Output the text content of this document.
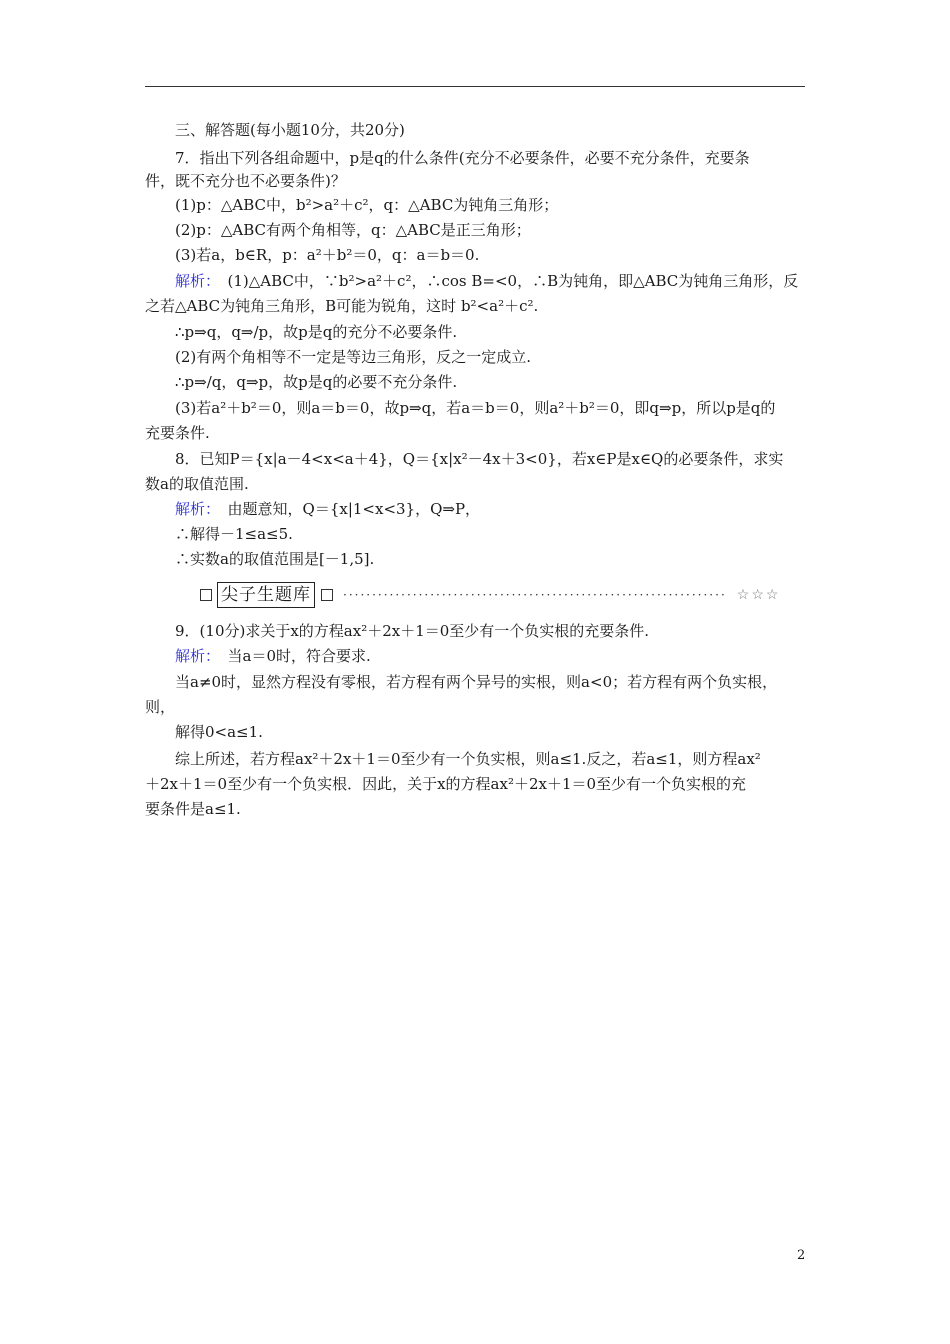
三、解答题(每小题10分，共20分)
7．指出下列各组命题中，p是q的什么条件(充分不必要条件，必要不充分条件，充要条
件，既不充分也不必要条件)？
(1)p：△ABC中，b²>a²＋c²，q：△ABC为钝角三角形；
(2)p：△ABC有两个角相等，q：△ABC是正三角形；
(3)若a，b∈R，p：a²＋b²＝0，q：a＝b＝0.
解析：　(1)△ABC中，∵b²>a²＋c²，∴cos B=<0，∴B为钝角，即△ABC为钝角三角形，反
之若△ABC为钝角三角形，B可能为锐角，这时 b²<a²＋c².
∴p⇒q，q⇒/p，故p是q的充分不必要条件.
(2)有两个角相等不一定是等边三角形，反之一定成立.
∴p⇒/q，q⇒p，故p是q的必要不充分条件.
(3)若a²＋b²＝0，则a＝b＝0，故p⇒q，若a＝b＝0，则a²＋b²＝0，即q⇒p，所以p是q的
充要条件.
8．已知P＝{x|a－4<x<a＋4}，Q＝{x|x²－4x＋3<0}，若x∈P是x∈Q的必要条件，求实
数a的取值范围.
解析：　由题意知，Q＝{x|1<x<3}，Q⇒P，
∴解得－1≤a≤5.
∴实数a的取值范围是[－1,5].
尖子生题库	·································································· ☆☆☆
9．(10分)求关于x的方程ax²＋2x＋1＝0至少有一个负实根的充要条件.
解析：　当a＝0时，符合要求.
当a≠0时，显然方程没有零根，若方程有两个异号的实根，则a<0；若方程有两个负实根，
则，
解得0<a≤1.
综上所述，若方程ax²＋2x＋1＝0至少有一个负实根，则a≤1.反之，若a≤1，则方程ax²
＋2x＋1＝0至少有一个负实根．因此，关于x的方程ax²＋2x＋1＝0至少有一个负实根的充
要条件是a≤1.
2
